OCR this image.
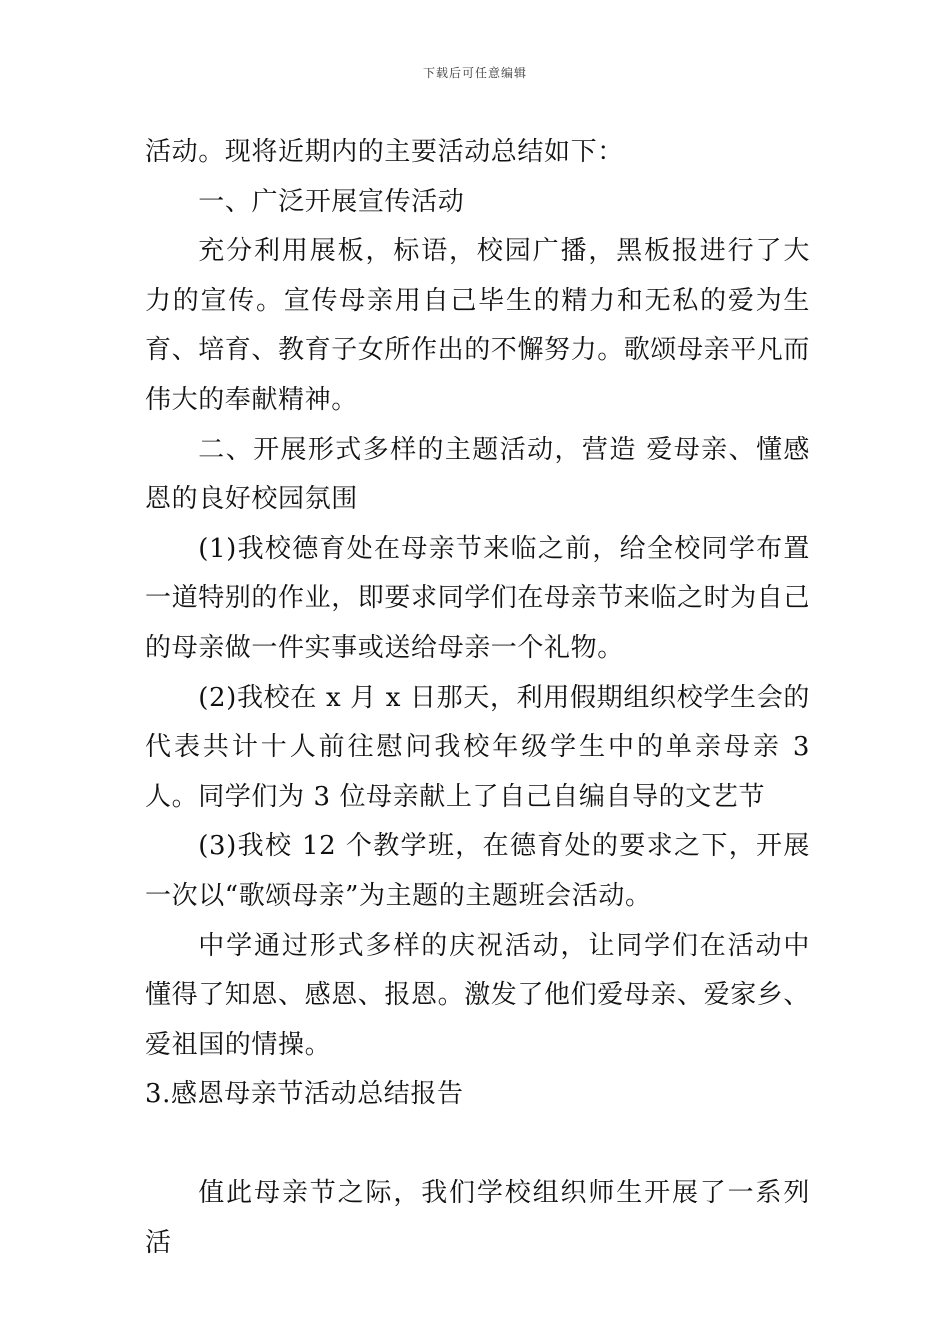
下载后可任意编辑

活动。现将近期内的主要活动总结如下：

一、广泛开展宣传活动

充分利用展板，标语，校园广播，黑板报进行了大力的宣传。宣传母亲用自己毕生的精力和无私的爱为生育、培育、教育子女所作出的不懈努力。歌颂母亲平凡而伟大的奉献精神。

二、开展形式多样的主题活动，营造 爱母亲、懂感恩的良好校园氛围

(1)我校德育处在母亲节来临之前，给全校同学布置一道特别的作业，即要求同学们在母亲节来临之时为自己的母亲做一件实事或送给母亲一个礼物。

(2)我校在 x 月 x 日那天，利用假期组织校学生会的代表共计十人前往慰问我校年级学生中的单亲母亲 3 人。同学们为 3 位母亲献上了自己自编自导的文艺节

(3)我校 12 个教学班，在德育处的要求之下，开展一次以“歌颂母亲”为主题的主题班会活动。

中学通过形式多样的庆祝活动，让同学们在活动中懂得了知恩、感恩、报恩。激发了他们爱母亲、爱家乡、爱祖国的情操。

3.感恩母亲节活动总结报告

值此母亲节之际，我们学校组织师生开展了一系列活
